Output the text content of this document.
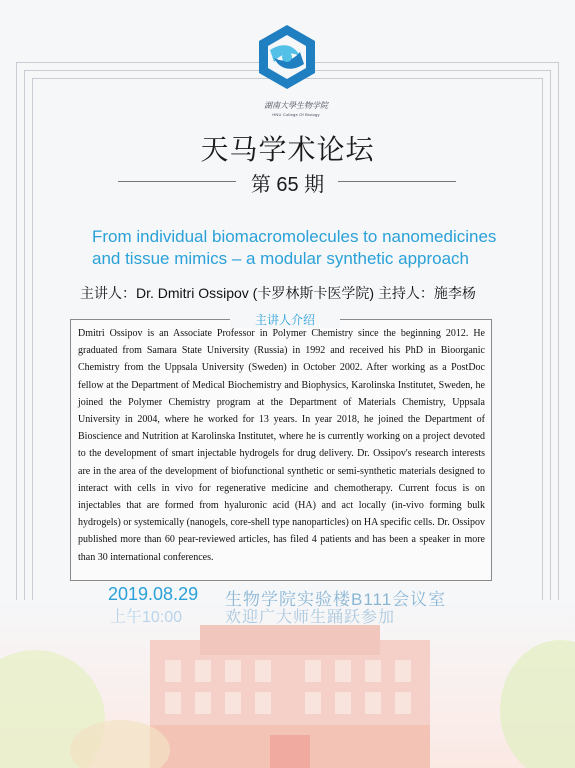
湖南大學生物学院
HNU College Of Biology
天马学术论坛
第 65 期
From individual biomacromolecules to nanomedicines
and tissue mimics – a modular synthetic approach
主讲人：Dr. Dmitri Ossipov (卡罗林斯卡医学院) 主持人：施李杨
主讲人介绍
Dmitri Ossipov is an Associate Professor in Polymer Chemistry since the beginning 2012. He graduated from Samara State University (Russia) in 1992 and received his PhD in Bioorganic Chemistry from the Uppsala University (Sweden) in October 2002. After working as a PostDoc fellow at the Department of Medical Biochemistry and Biophysics, Karolinska Institutet, Sweden, he joined the Polymer Chemistry program at the Department of Materials Chemistry, Uppsala University in 2004, where he worked for 13 years. In year 2018, he joined the Department of Bioscience and Nutrition at Karolinska Institutet, where he is currently working on a project devoted to the development of smart injectable hydrogels for drug delivery. Dr. Ossipov's research interests are in the area of the development of biofunctional synthetic or semi-synthetic materials designed to interact with cells in vivo for regenerative medicine and chemotherapy. Current focus is on injectables that are formed from hyaluronic acid (HA) and act locally (in-vivo forming bulk hydrogels) or systemically (nanogels, core-shell type nanoparticles) on HA specific cells. Dr. Ossipov published more than 60 pear-reviewed articles, has filed 4 patients and has been a speaker in more than 30 international conferences.
2019.08.29 生物学院实验楼B111会议室
上午10:00	欢迎广大师生踊跃参加
